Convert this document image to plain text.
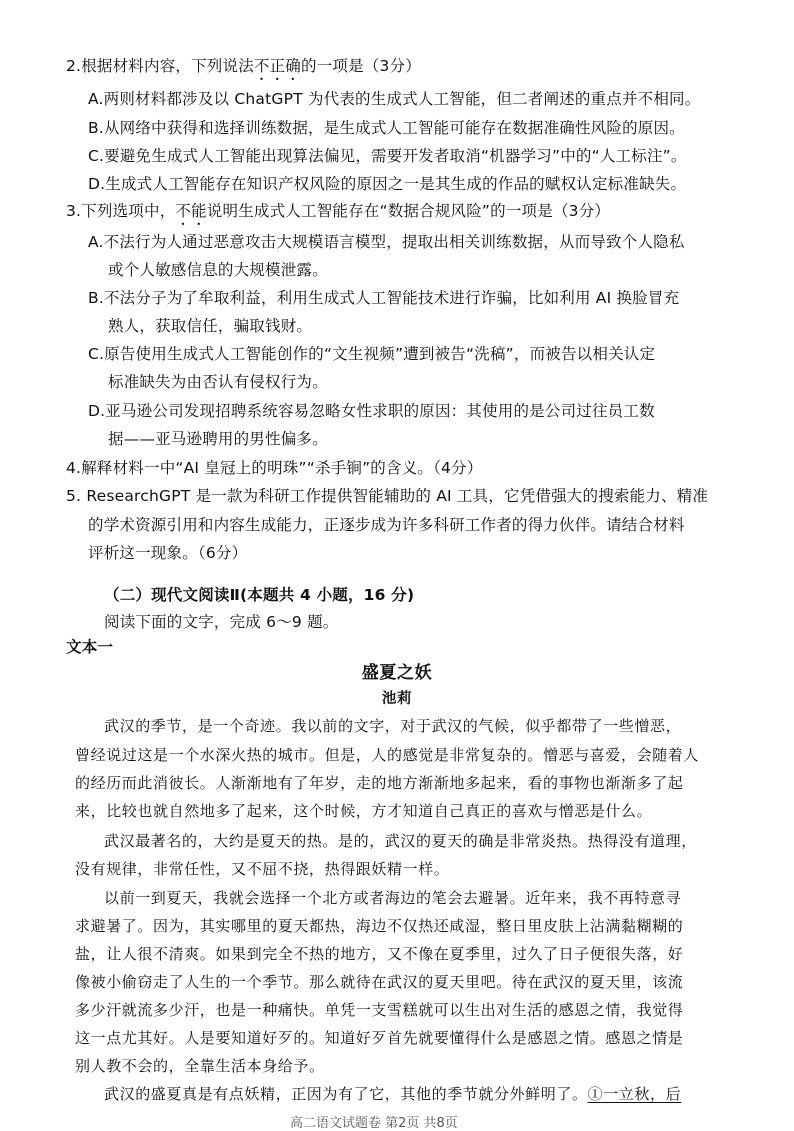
2.根据材料内容，下列说法不正确的一项是（3分）
A.两则材料都涉及以 ChatGPT 为代表的生成式人工智能，但二者阐述的重点并不相同。
B.从网络中获得和选择训练数据，是生成式人工智能可能存在数据准确性风险的原因。
C.要避免生成式人工智能出现算法偏见，需要开发者取消“机器学习”中的“人工标注”。
D.生成式人工智能存在知识产权风险的原因之一是其生成的作品的赋权认定标准缺失。
3.下列选项中，不能说明生成式人工智能存在“数据合规风险”的一项是（3分）
A.不法行为人通过恶意攻击大规模语言模型，提取出相关训练数据，从而导致个人隐私
或个人敏感信息的大规模泄露。
B.不法分子为了牟取利益，利用生成式人工智能技术进行诈骗，比如利用 AI 换脸冒充
熟人，获取信任，骗取钱财。
C.原告使用生成式人工智能创作的“文生视频”遭到被告“洗稿”，而被告以相关认定
标准缺失为由否认有侵权行为。
D.亚马逊公司发现招聘系统容易忽略女性求职的原因：其使用的是公司过往员工数
据——亚马逊聘用的男性偏多。
4.解释材料一中“AI 皇冠上的明珠”“杀手锏”的含义。（4分）
5. ResearchGPT 是一款为科研工作提供智能辅助的 AI 工具，它凭借强大的搜索能力、精准
的学术资源引用和内容生成能力，正逐步成为许多科研工作者的得力伙伴。请结合材料
评析这一现象。（6分）
（二）现代文阅读Ⅱ(本题共 4 小题，16 分)
阅读下面的文字，完成 6～9 题。
文本一
盛夏之妖
池莉
武汉的季节，是一个奇迹。我以前的文字，对于武汉的气候，似乎都带了一些憎恶，
曾经说过这是一个水深火热的城市。但是，人的感觉是非常复杂的。憎恶与喜爱，会随着人
的经历而此消彼长。人渐渐地有了年岁，走的地方渐渐地多起来，看的事物也渐渐多了起
来，比较也就自然地多了起来，这个时候，方才知道自己真正的喜欢与憎恶是什么。
武汉最著名的，大约是夏天的热。是的，武汉的夏天的确是非常炎热。热得没有道理，
没有规律，非常任性，又不屈不挠，热得跟妖精一样。
以前一到夏天，我就会选择一个北方或者海边的笔会去避暑。近年来，我不再特意寻
求避暑了。因为，其实哪里的夏天都热，海边不仅热还咸湿，整日里皮肤上沾满黏糊糊的
盐，让人很不清爽。如果到完全不热的地方，又不像在夏季里，过久了日子便很失落，好
像被小偷窃走了人生的一个季节。那么就待在武汉的夏天里吧。待在武汉的夏天里，该流
多少汗就流多少汗，也是一种痛快。单凭一支雪糕就可以生出对生活的感恩之情，我觉得
这一点尤其好。人是要知道好歹的。知道好歹首先就要懂得什么是感恩之情。感恩之情是
别人教不会的，全靠生活本身给予。
武汉的盛夏真是有点妖精，正因为有了它，其他的季节就分外鲜明了。①一立秋，后
高二语文试题卷 第2页 共8页
